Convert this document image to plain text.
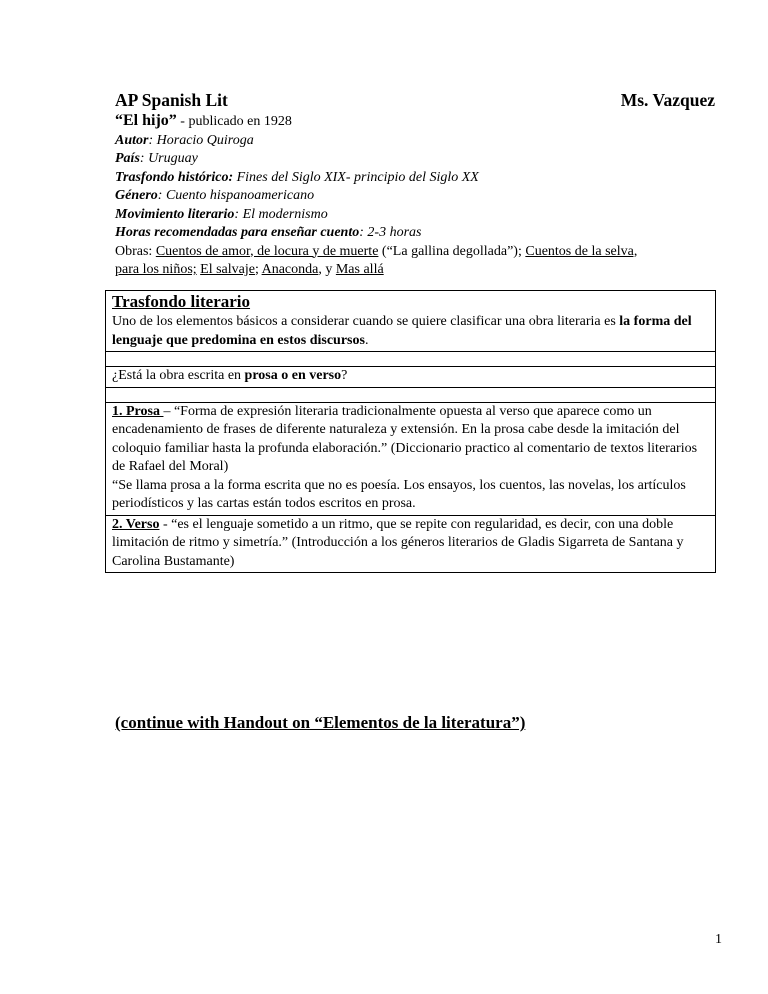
AP Spanish Lit	Ms. Vazquez
“El hijo” - publicado en 1928
Autor: Horacio Quiroga
País: Uruguay
Trasfondo histórico: Fines del Siglo XIX- principio del Siglo XX
Género: Cuento hispanoamericano
Movimiento literario: El modernismo
Horas recomendadas para enseñar cuento: 2-3 horas
Obras: Cuentos de amor, de locura y de muerte (“La gallina degollada”); Cuentos de la selva,
para los niños; El salvaje; Anaconda, y Mas allá
Trasfondo literario
Uno de los elementos básicos a considerar cuando se quiere clasificar una obra literaria es la forma del lenguaje que predomina en estos discursos.
¿Está la obra escrita en prosa o en verso?
1. Prosa – “Forma de expresión literaria tradicionalmente opuesta al verso que aparece como un encadenamiento de frases de diferente naturaleza y extensión. En la prosa cabe desde la imitación del coloquio familiar hasta la profunda elaboración.” (Diccionario practico al comentario de textos literarios de Rafael del Moral)
“Se llama prosa a la forma escrita que no es poesía. Los ensayos, los cuentos, las novelas, los artículos periodísticos y las cartas están todos escritos en prosa.
2. Verso - “es el lenguaje sometido a un ritmo, que se repite con regularidad, es decir, con una doble limitación de ritmo y simetría.” (Introducción a los géneros literarios de Gladis Sigarreta de Santana y Carolina Bustamante)
(continue with Handout on “Elementos de la literatura”)
1
